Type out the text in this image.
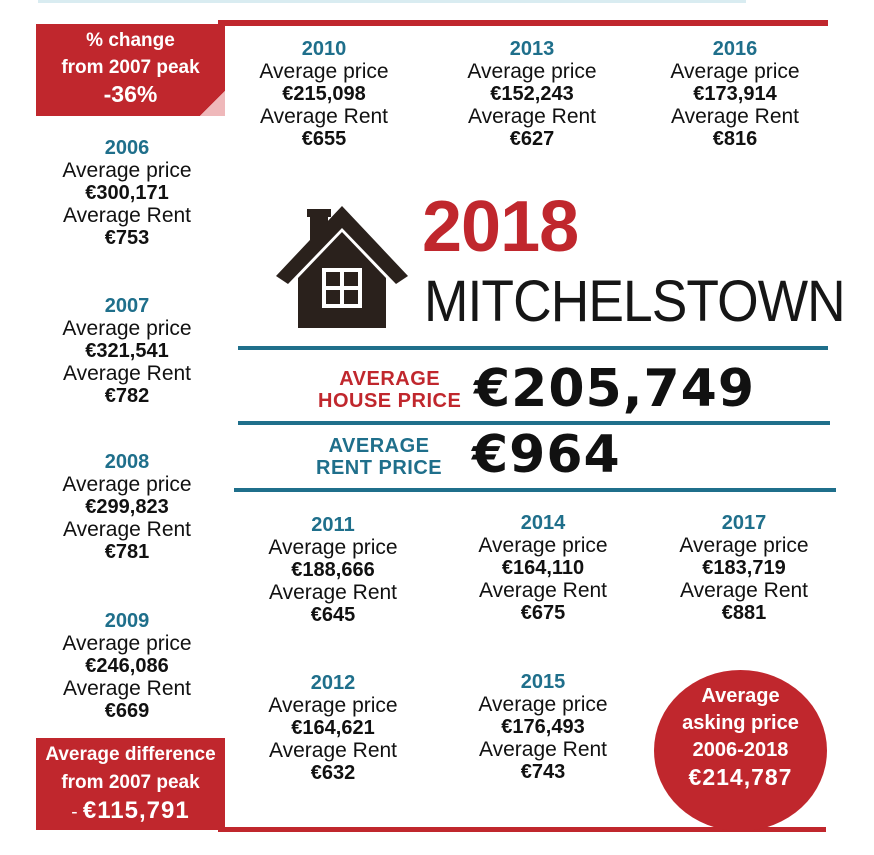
% change
from 2007 peak
-36%
2006
Average price
€300,171
Average Rent
€753
2007
Average price
€321,541
Average Rent
€782
2008
Average price
€299,823
Average Rent
€781
2009
Average price
€246,086
Average Rent
€669
2010
Average price
€215,098
Average Rent
€655
2013
Average price
€152,243
Average Rent
€627
2016
Average price
€173,914
Average Rent
€816
2018
MITCHELSTOWN
AVERAGE
HOUSE PRICE €205,749
AVERAGE
RENT PRICE €964
2011
Average price
€188,666
Average Rent
€645
2014
Average price
€164,110
Average Rent
€675
2017
Average price
€183,719
Average Rent
€881
2012
Average price
€164,621
Average Rent
€632
2015
Average price
€176,493
Average Rent
€743
Average difference
from 2007 peak
- €115,791
Average
asking price
2006-2018
€214,787
